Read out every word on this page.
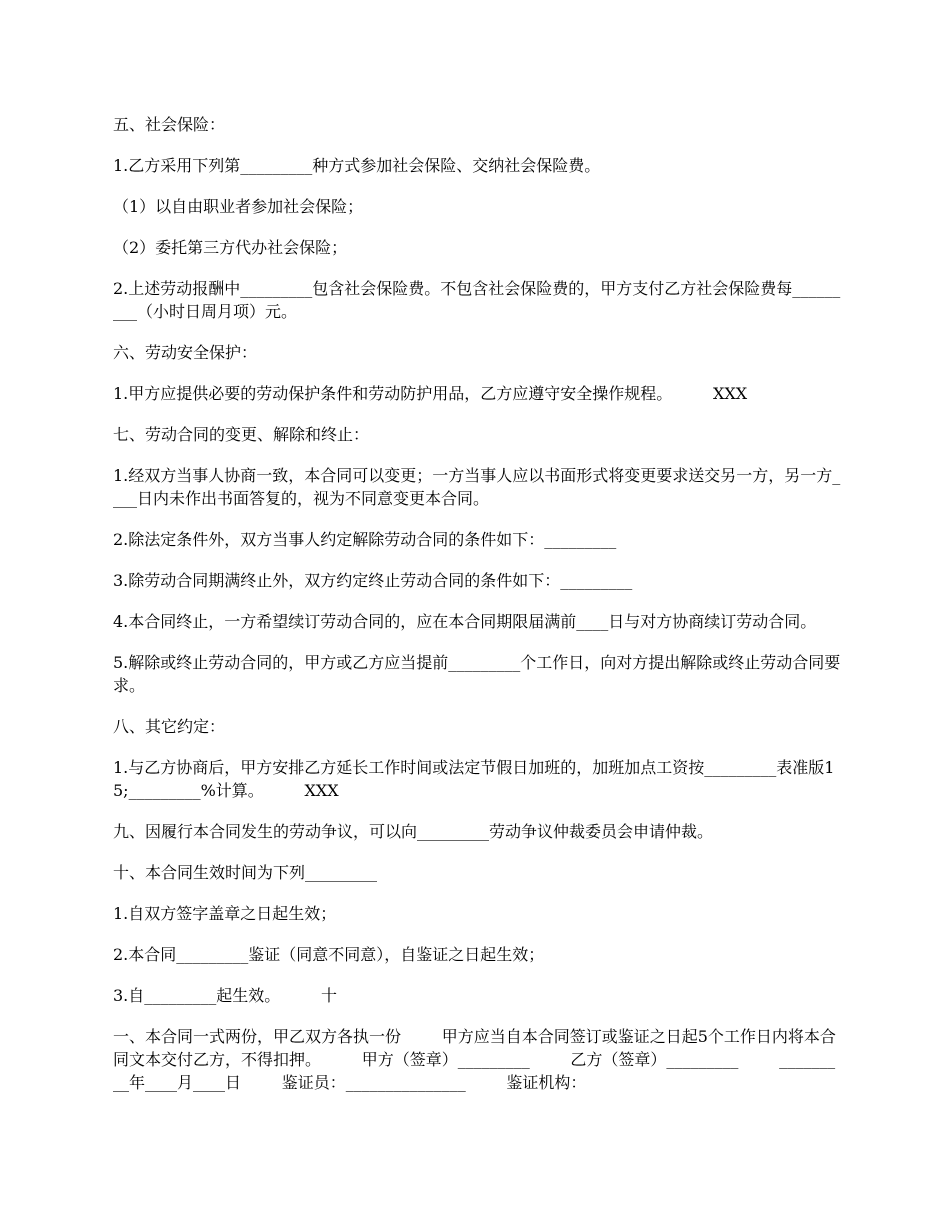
五、社会保险：

1.乙方采用下列第_________种方式参加社会保险、交纳社会保险费。

（1）以自由职业者参加社会保险；

（2）委托第三方代办社会保险；

2.上述劳动报酬中_________包含社会保险费。不包含社会保险费的，甲方支付乙方社会保险费每_________（小时日周月项）元。

六、劳动安全保护：

1.甲方应提供必要的劳动保护条件和劳动防护用品，乙方应遵守安全操作规程。        XXX

七、劳动合同的变更、解除和终止：

1.经双方当事人协商一致，本合同可以变更；一方当事人应以书面形式将变更要求送交另一方，另一方____日内未作出书面答复的，视为不同意变更本合同。

2.除法定条件外，双方当事人约定解除劳动合同的条件如下：_________

3.除劳动合同期满终止外，双方约定终止劳动合同的条件如下：_________

4.本合同终止，一方希望续订劳动合同的，应在本合同期限届满前____日与对方协商续订劳动合同。

5.解除或终止劳动合同的，甲方或乙方应当提前_________个工作日，向对方提出解除或终止劳动合同要求。

八、其它约定：

1.与乙方协商后，甲方安排乙方延长工作时间或法定节假日加班的，加班加点工资按_________表准版15;_________%计算。        XXX

九、因履行本合同发生的劳动争议，可以向_________劳动争议仲裁委员会申请仲裁。

十、本合同生效时间为下列_________

1.自双方签字盖章之日起生效；

2.本合同_________鉴证（同意不同意），自鉴证之日起生效；

3.自_________起生效。        十

一、本合同一式两份，甲乙双方各执一份        甲方应当自本合同签订或鉴证之日起5个工作日内将本合同文本交付乙方，不得扣押。        甲方（签章）_________        乙方（签章）_________        _________年____月____日        鉴证员：_______________        鉴证机构：
